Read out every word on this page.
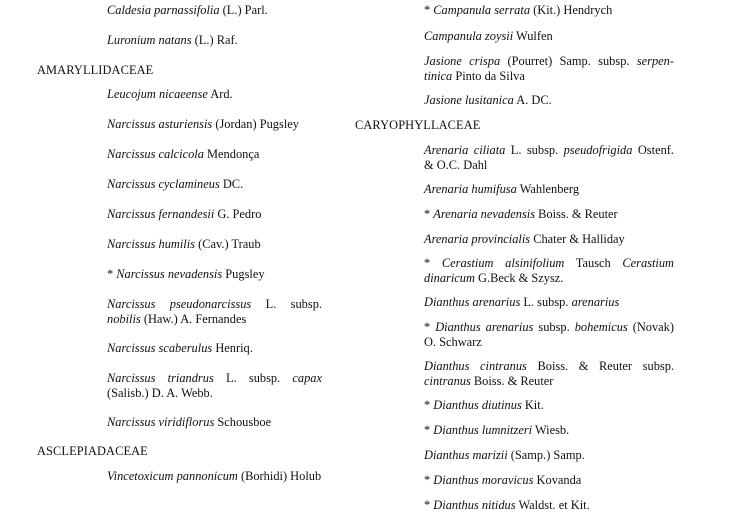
Caldesia parnassifolia (L.) Parl.
Luronium natans (L.) Raf.
AMARYLLIDACEAE
Leucojum nicaeense Ard.
Narcissus asturiensis (Jordan) Pugsley
Narcissus calcicola Mendonça
Narcissus cyclamineus DC.
Narcissus fernandesii G. Pedro
Narcissus humilis (Cav.) Traub
* Narcissus nevadensis Pugsley
Narcissus pseudonarcissus L. subsp. nobilis (Haw.) A. Fernandes
Narcissus scaberulus Henriq.
Narcissus triandrus L. subsp. capax (Salisb.) D. A. Webb.
Narcissus viridiflorus Schousboe
ASCLEPIADACEAE
Vincetoxicum pannonicum (Borhidi) Holub
* Campanula serrata (Kit.) Hendrych
Campanula zoysii Wulfen
Jasione crispa (Pourret) Samp. subsp. serpen-tinica Pinto da Silva
Jasione lusitanica A. DC.
CARYOPHYLLACEAE
Arenaria ciliata L. subsp. pseudofrigida Ostenf. & O.C. Dahl
Arenaria humifusa Wahlenberg
* Arenaria nevadensis Boiss. & Reuter
Arenaria provincialis Chater & Halliday
* Cerastium alsinifolium Tausch Cerastium dinaricum G.Beck & Szysz.
Dianthus arenarius L. subsp. arenarius
* Dianthus arenarius subsp. bohemicus (Novak) O. Schwarz
Dianthus cintranus Boiss. & Reuter subsp. cintranus Boiss. & Reuter
* Dianthus diutinus Kit.
* Dianthus lumnitzeri Wiesb.
Dianthus marizii (Samp.) Samp.
* Dianthus moravicus Kovanda
* Dianthus nitidus Waldst. et Kit.
